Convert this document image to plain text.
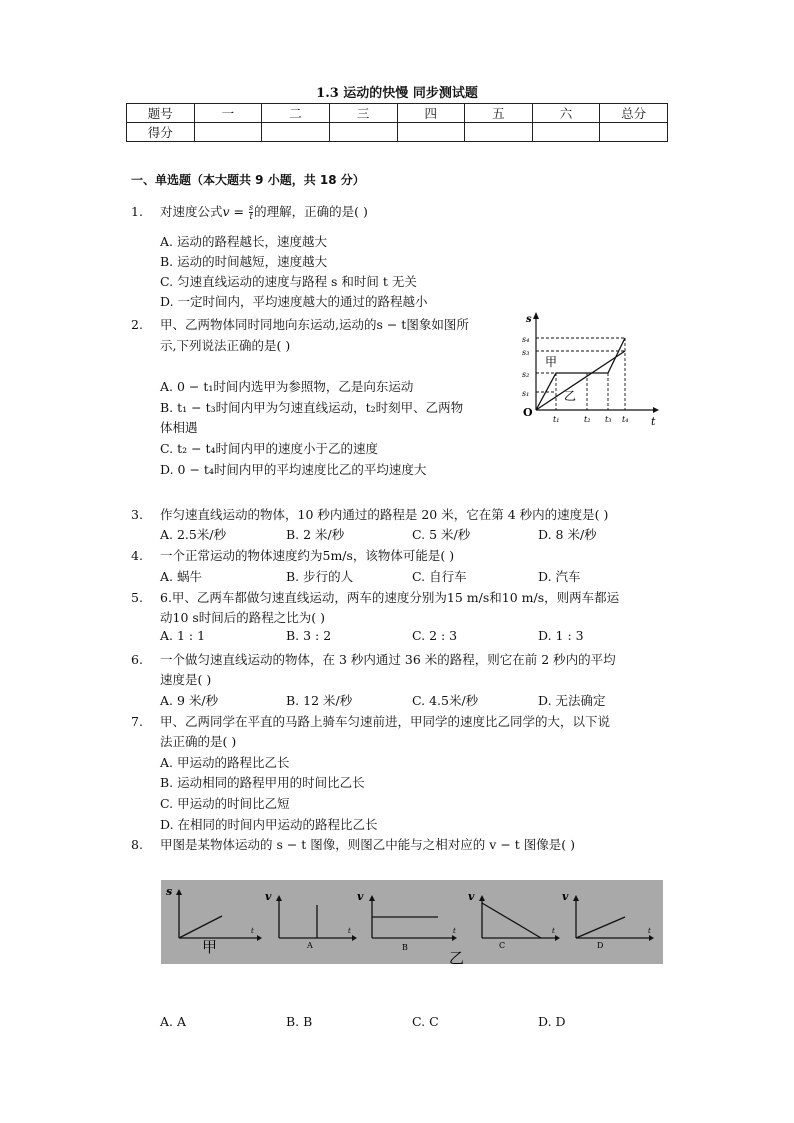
1.3 运动的快慢 同步测试题
题号	一	二	三	四	五	六	总分
得分							
一、单选题（本大题共 9 小题，共 18 分）
1. 对速度公式$v = \frac{s}{t}$的理解，正确的是( )
A. 运动的路程越长，速度越大
B. 运动的时间越短，速度越大
C. 匀速直线运动的速度与路程 s 和时间 t 无关
D. 一定时间内，平均速度越大的通过的路程越小
2. 甲、乙两物体同时同地向东运动,运动的s − t图象如图所
示,下列说法正确的是( )
A. 0 − t₁时间内选甲为参照物，乙是向东运动
B. t₁ − t₃时间内甲为匀速直线运动，t₂时刻甲、乙两物
体相遇
C. t₂ − t₄时间内甲的速度小于乙的速度
D. 0 − t₄时间内甲的平均速度比乙的平均速度大
s
t
O
s₁
s₂
s₃
s₄
t₁	t₂ t₃ t₄
甲
乙
3. 作匀速直线运动的物体，10 秒内通过的路程是 20 米，它在第 4 秒内的速度是( )
A. 2.5米/秒	B. 2 米/秒	C. 5 米/秒	D. 8 米/秒
4. 一个正常运动的物体速度约为5m/s，该物体可能是( )
A. 蜗牛	B. 步行的人	C. 自行车	D. 汽车
5. 6.甲、乙两车都做匀速直线运动，两车的速度分别为15 m/s和10 m/s，则两车都运
动10 s时间后的路程之比为( )
A. 1 : 1	B. 3 : 2	C. 2 : 3	D. 1 : 3
6. 一个做匀速直线运动的物体，在 3 秒内通过 36 米的路程，则它在前 2 秒内的平均
速度是( )
A. 9 米/秒	B. 12 米/秒	C. 4.5米/秒	D. 无法确定
7. 甲、乙两同学在平直的马路上骑车匀速前进，甲同学的速度比乙同学的大，以下说
法正确的是( )
A. 甲运动的路程比乙长
B. 运动相同的路程甲用的时间比乙长
C. 甲运动的时间比乙短
D. 在相同的时间内甲运动的路程比乙长
8. 甲图是某物体运动的 s − t 图像，则图乙中能与之相对应的 v − t 图像是( )
s
t
甲
v
t
A
v
t
B
乙
v
t
C
v
t
D
A. A	B. B	C. C	D. D
